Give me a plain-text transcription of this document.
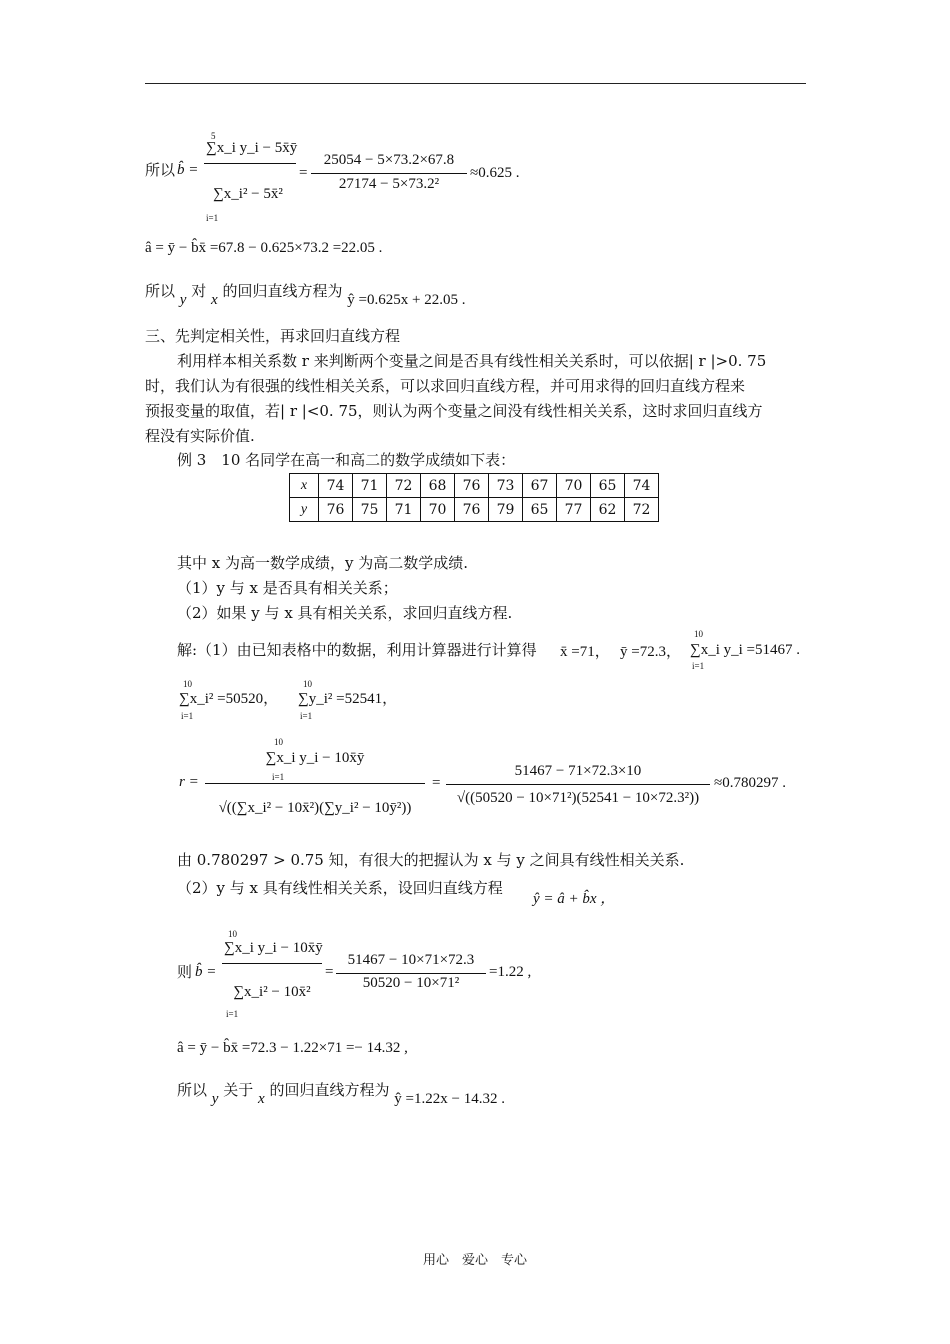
所以 b̂ =
5
i=1
∑x_i y_i − 5x̄ȳ
∑x_i² − 5x̄²
=
25054 − 5×73.2×67.8
27174 − 5×73.2²
≈0.625 .
â = ȳ − b̂x̄ =67.8 − 0.625×73.2 =22.05 .
所以 y 对 x 的回归直线方程为 ŷ =0.625x + 22.05 .
三、先判定相关性，再求回归直线方程
利用样本相关系数 r 来判断两个变量之间是否具有线性相关关系时，可以依据| r |>0. 75
时，我们认为有很强的线性相关关系，可以求回归直线方程，并可用求得的回归直线方程来
预报变量的取值，若| r |<0. 75，则认为两个变量之间没有线性相关关系，这时求回归直线方
程没有实际价值.
例 3　10 名同学在高一和高二的数学成绩如下表：
x	74	71	72	68	76	73	67	70	65	74
y	76	75	71	70	76	79	65	77	62	72
其中 x 为高一数学成绩，y 为高二数学成绩.
（1）y 与 x 是否具有相关关系；
（2）如果 y 与 x 具有相关关系，求回归直线方程.
解:（1）由已知表格中的数据，利用计算器进行计算得 x̄ =71， ȳ =72.3，
10
i=1
∑x_i y_i =51467 .
10
i=1
∑x_i² =50520，
10
i=1
∑y_i² =52541，
r =
10
i=1
∑x_i y_i − 10x̄ȳ
√((∑x_i² − 10x̄²)(∑y_i² − 10ȳ²))
=
51467 − 71×72.3×10
√((50520 − 10×71²)(52541 − 10×72.3²))
≈0.780297 .
由 0.780297 > 0.75 知，有很大的把握认为 x 与 y 之间具有线性相关关系.
（2）y 与 x 具有线性相关关系，设回归直线方程
ŷ = â + b̂x ，
则 b̂ =
10
i=1
∑x_i y_i − 10x̄ȳ
∑x_i² − 10x̄²
=
51467 − 10×71×72.3
50520 − 10×71²
=1.22 ,
â = ȳ − b̂x̄ =72.3 − 1.22×71 =− 14.32 ,
所以 y 关于 x 的回归直线方程为 ŷ =1.22x − 14.32 .
用心　爱心　专心
